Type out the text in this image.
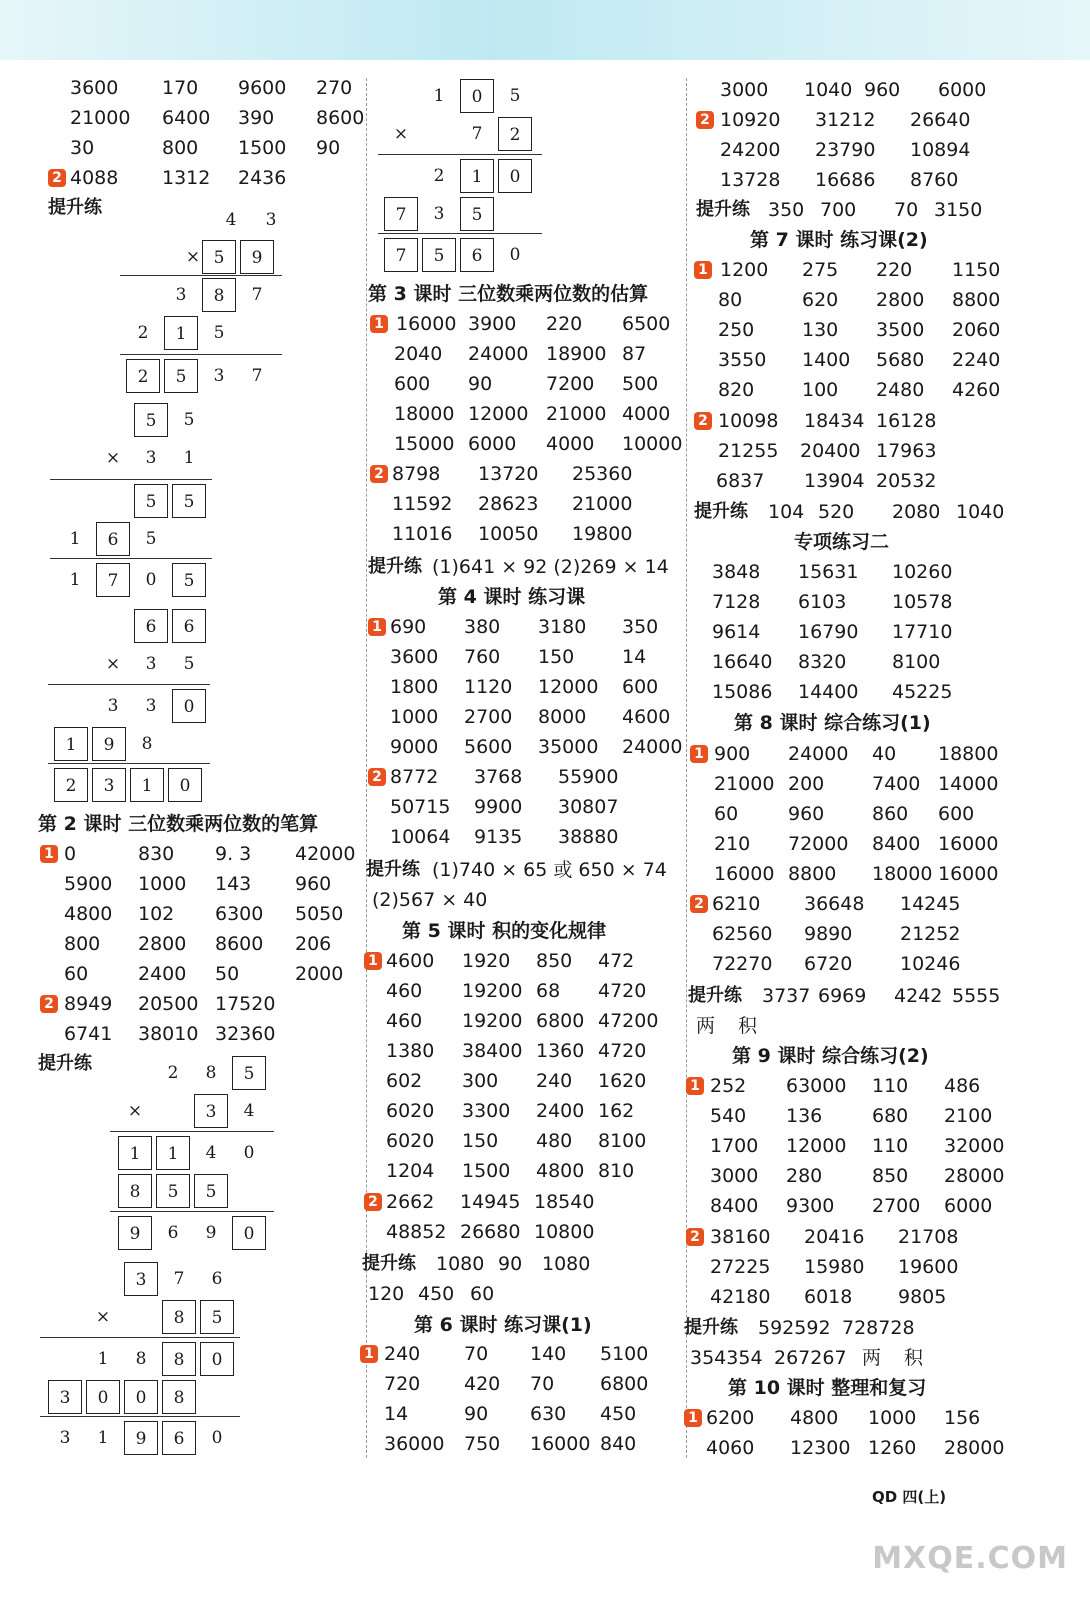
3600 170 9600 270
21000 6400 390 8600
30	800 1500 90
2 4088 1312 2436
提升练
第 2 课时 三位数乘两位数的笔算
1 0	830 9. 3 42000
5900 1000 143 960
4800 102 6300 5050
800 2800 8600 206
60	2400 50	2000
2 8949 20500 17520
6741 38010 32360
提升练
第 3 课时 三位数乘两位数的估算
1 16000 3900 220 6500
2040 24000 18900 87
600 90	7200 500
18000 12000 21000 4000
15000 6000 4000 10000
2 8798 13720 25360
11592 28623 21000
11016 10050 19800
提升练 (1)641 × 92 (2)269 × 14
第 4 课时 练习课
1 690 380 3180 350
3600 760 150	14
1800 1120 12000 600
1000 2700 8000 4600
9000 5600 35000 24000
2 8772 3768 55900
50715 9900 30807
10064 9135 38880
提升练 (1)740 × 65 或 650 × 74
(2)567 × 40
第 5 课时 积的变化规律
1 4600 1920 850 472
460 19200 68 4720
460 19200 6800 47200
1380 38400 1360 4720
602 300 240 1620
6020 3300 2400 162
6020 150 480 8100
1204 1500 4800 810
2 2662 14945 18540
48852 26680 10800
提升练 1080 90 1080
120 450 60
第 6 课时 练习课(1)
1 240 70 140 5100
720 420 70 6800
14	90 630 450
36000 750 16000 840
3000 1040 960 6000
2 10920 31212 26640
24200 23790 10894
13728 16686 8760
提升练 350 700 70 3150
第 7 课时 练习课(2)
1 1200 275 220 1150
80	620 2800 8800
250	130 3500 2060
3550 1400 5680 2240
820	100 2480 4260
2 10098 18434 16128
21255 20400 17963
6837 13904 20532
提升练 104 520 2080 1040
专项练习二
3848 15631 10260
7128 6103 10578
9614 16790 17710
16640 8320 8100
15086 14400 45225
第 8 课时 综合练习(1)
1 900 24000 40 18800
21000 200	7400 14000
60	960	860 600
210 72000 8400 16000
16000 8800 18000 16000
2 6210 36648 14245
62560 9890	21252
72270 6720	10246
提升练 3737 6969 4242 5555
两 积
第 9 课时 综合练习(2)
1 252 63000 110 486
540 136	680 2100
1700 12000 110 32000
3000 280	850 28000
8400 9300 2700 6000
2 38160 20416 21708
27225 15980 19600
42180 6018 9805
提升练 592592 728728
354354 267267 两 积
第 10 课时 整理和复习
1 6200 4800 1000 156
4060 12300 1260 28000
4	3
× 5	9
3	8	7
2	1	5
2	5	3	7
5	5
×	3	1
5	5
1	6	5
1	7	0	5
6	6
×	3	5
3	3	0
1	9	8
2	3	1	0
1	0	5
×	7	2
2	1	0
7	3	5
7	5	6	0
2	8	5
×	3	4
1	1	4	0
8	5	5
9	6	9	0
3	7	6
×	8	5
1	8	8	0
3	0	0	8
3	1	9	6	0
QD 四(上)
MXQE.COM
